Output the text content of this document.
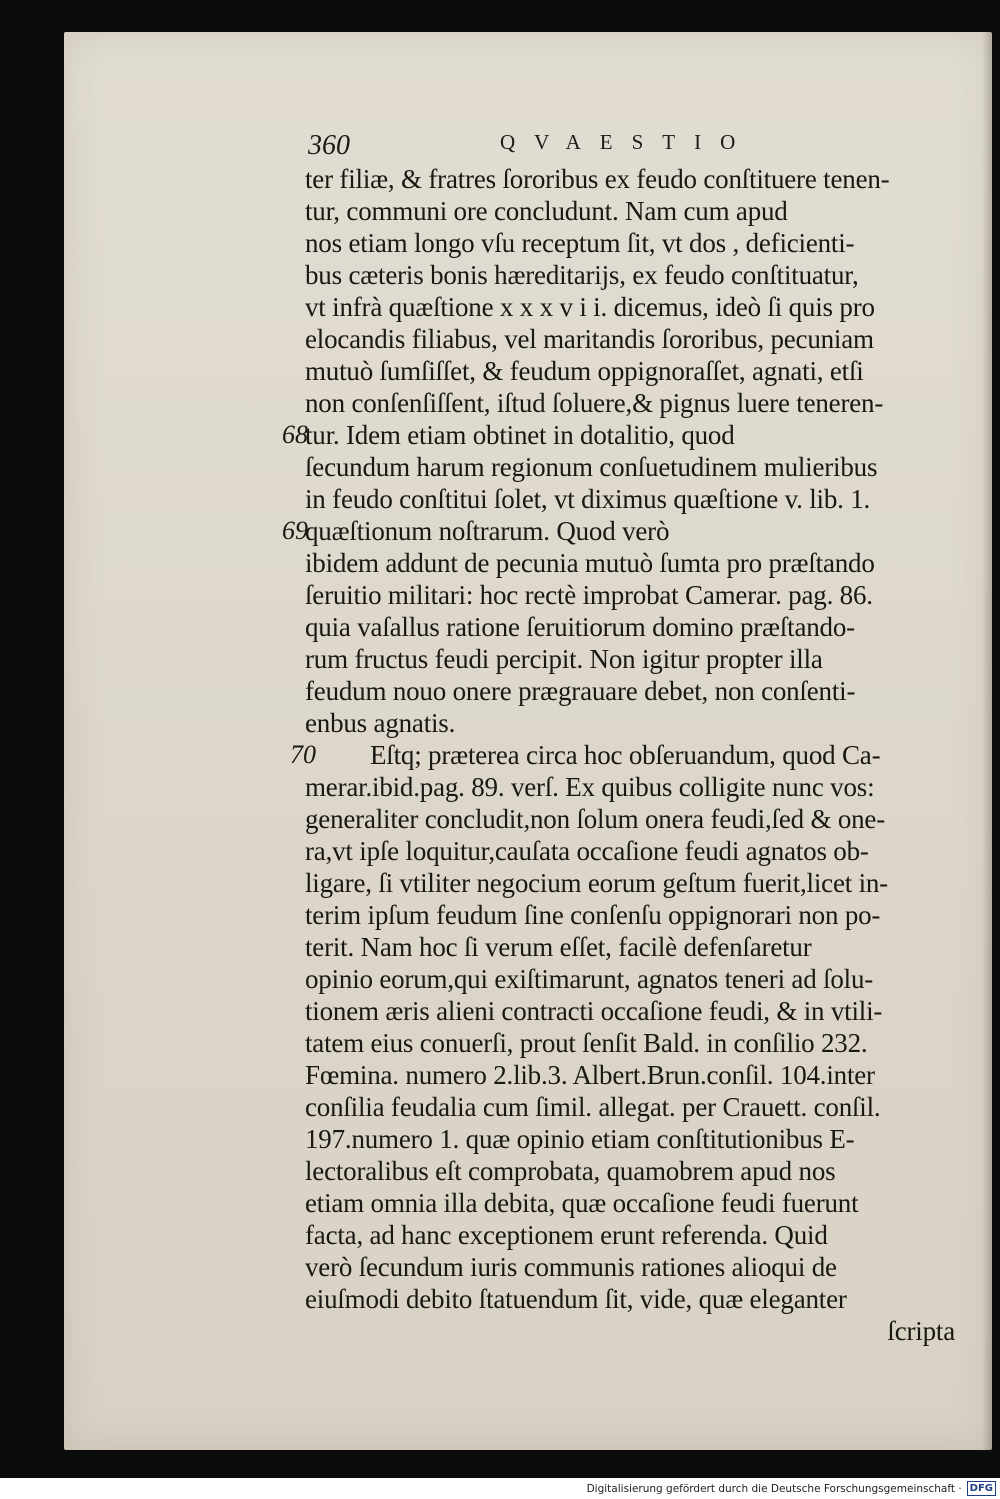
360	QVAESTIO
ter filiæ, & fratres ſororibus ex feudo conſtituere tenen-
tur, communi ore concludunt. Nam cum apud
nos etiam longo vſu receptum ſit, vt dos , deficienti-
bus cæteris bonis hæreditarijs, ex feudo conſtituatur,
vt infrà quæſtione x x x v i i. dicemus, ideò ſi quis pro
elocandis filiabus, vel maritandis ſororibus, pecuniam
mutuò ſumſiſſet, & feudum oppignoraſſet, agnati, etſi
non conſenſiſſent, iſtud ſoluere,& pignus luere teneren-
tur. Idem etiam obtinet in dotalitio, quod
ſecundum harum regionum conſuetudinem mulieribus
in feudo conſtitui ſolet, vt diximus quæſtione v. lib. 1.
quæſtionum noſtrarum. Quod verò
ibidem addunt de pecunia mutuò ſumta pro præſtando
ſeruitio militari: hoc rectè improbat Camerar. pag. 86.
quia vaſallus ratione ſeruitiorum domino præſtando-
rum fructus feudi percipit. Non igitur propter illa
feudum nouo onere prægrauare debet, non conſenti-
enbus agnatis.
Eſtq; præterea circa hoc obſeruandum, quod Ca-
merar.ibid.pag. 89. verſ. Ex quibus colligite nunc vos:
generaliter concludit,non ſolum onera feudi,ſed & one-
ra,vt ipſe loquitur,cauſata occaſione feudi agnatos ob-
ligare, ſi vtiliter negocium eorum geſtum fuerit,licet in-
terim ipſum feudum ſine conſenſu oppignorari non po-
terit. Nam hoc ſi verum eſſet, facilè defenſaretur
opinio eorum,qui exiſtimarunt, agnatos teneri ad ſolu-
tionem æris alieni contracti occaſione feudi, & in vtili-
tatem eius conuerſi, prout ſenſit Bald. in conſilio 232.
Fœmina. numero 2.lib.3. Albert.Brun.conſil. 104.inter
conſilia feudalia cum ſimil. allegat. per Crauett. conſil.
197.numero 1. quæ opinio etiam conſtitutionibus E-
lectoralibus eſt comprobata, quamobrem apud nos
etiam omnia illa debita, quæ occaſione feudi fuerunt
facta, ad hanc exceptionem erunt referenda. Quid
verò ſecundum iuris communis rationes alioqui de
eiuſmodi debito ſtatuendum ſit, vide, quæ eleganter
ſcripta
68
69
70
Digitalisierung gefördert durch die Deutsche Forschungsgemeinschaft · DFG
